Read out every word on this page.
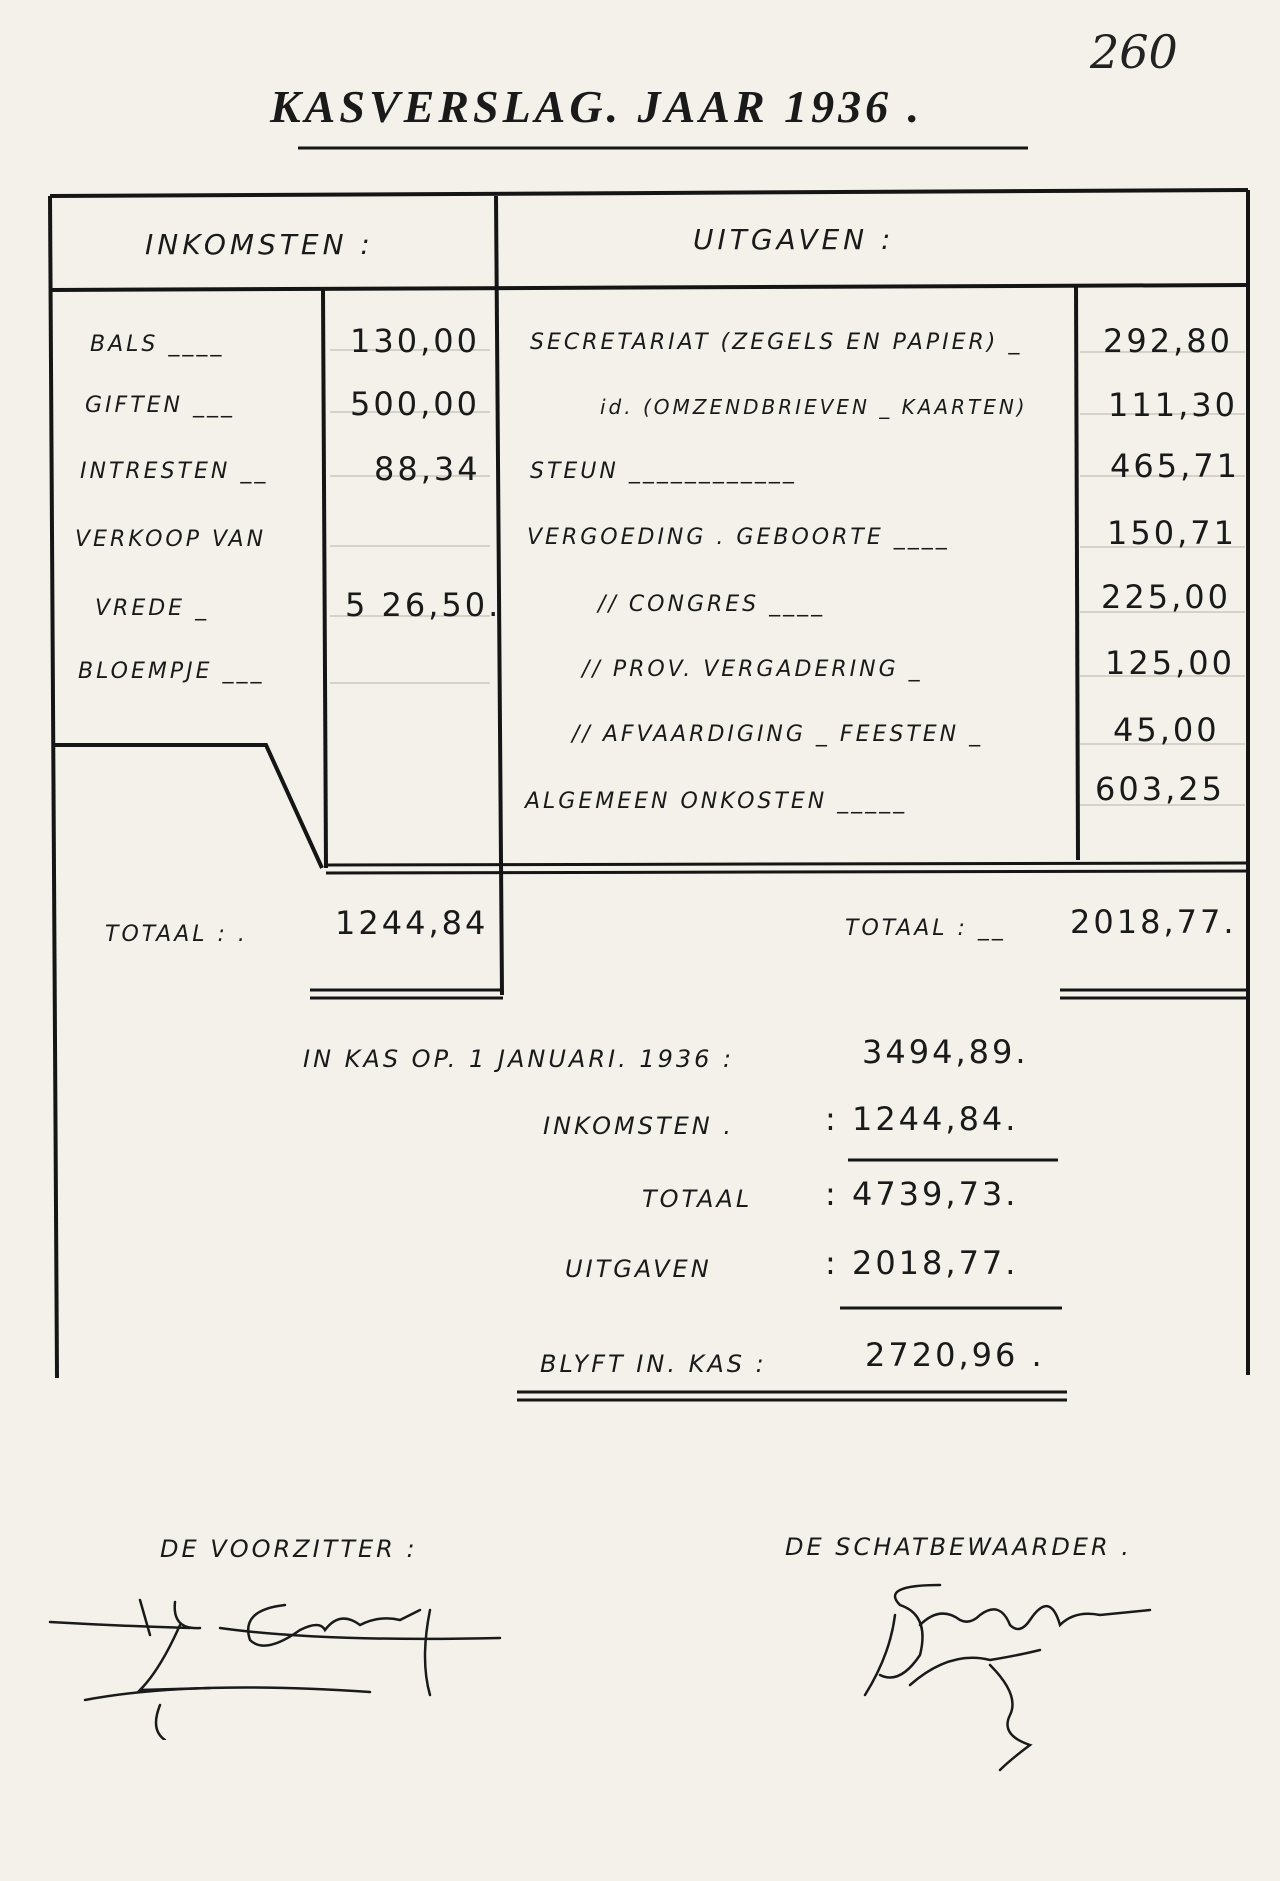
260
KASVERSLAG. JAAR 1936 .
INKOMSTEN :	UITGAVEN :
BALS ____	130,00
GIFTEN ___	500,00
INTRESTEN __	88,34
VERKOOP VAN
VREDE _	5 26,50.
BLOEMPJE ___
SECRETARIAT (ZEGELS EN PAPIER) _	292,80
id. (OMZENDBRIEVEN _ KAARTEN)	111,30
STEUN ____________	465,71
VERGOEDING . GEBOORTE ____	150,71
// CONGRES ____	225,00
// PROV. VERGADERING _	125,00
// AFVAARDIGING _ FEESTEN _	45,00
ALGEMEEN ONKOSTEN _____	603,25
TOTAAL : .	1244,84	TOTAAL : __ 2018,77.
IN KAS OP. 1 JANUARI. 1936 :	3494,89.
INKOMSTEN .	: 1244,84.
TOTAAL : 4739,73.
UITGAVEN	: 2018,77.
BLYFT IN. KAS :	2720,96 .
DE VOORZITTER :	DE SCHATBEWAARDER .
